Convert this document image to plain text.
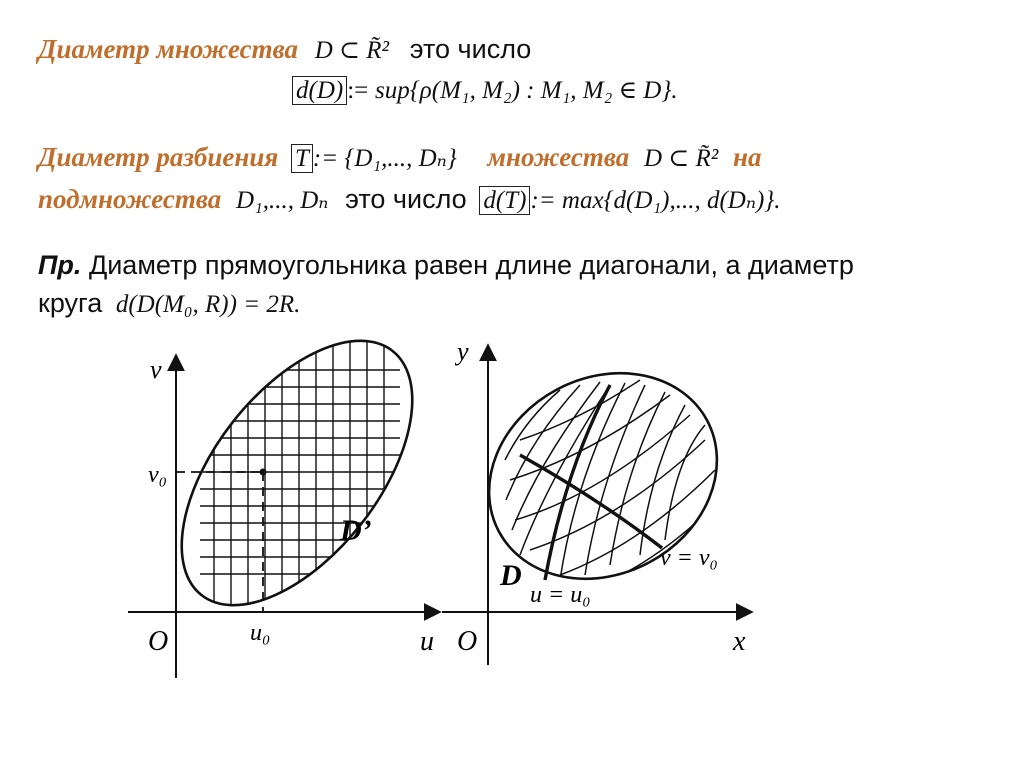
Диаметр множества D ⊂ R̃² это число
d(D) := sup{ρ(M₁, M₂) : M₁, M₂ ∈ D}.
Диаметр разбиения T := {D₁,..., Dₙ} множества D ⊂ R̃² на
подмножества D₁,..., Dₙ это число d(T) := max{d(D₁),..., d(Dₙ)}.
Пр. Диаметр прямоугольника равен длине диагонали, а диаметр
круга d(D(M₀, R)) = 2R.
v
v₀
u₀
O	u
D’
y
O	x
D
u = u₀
v = v₀
